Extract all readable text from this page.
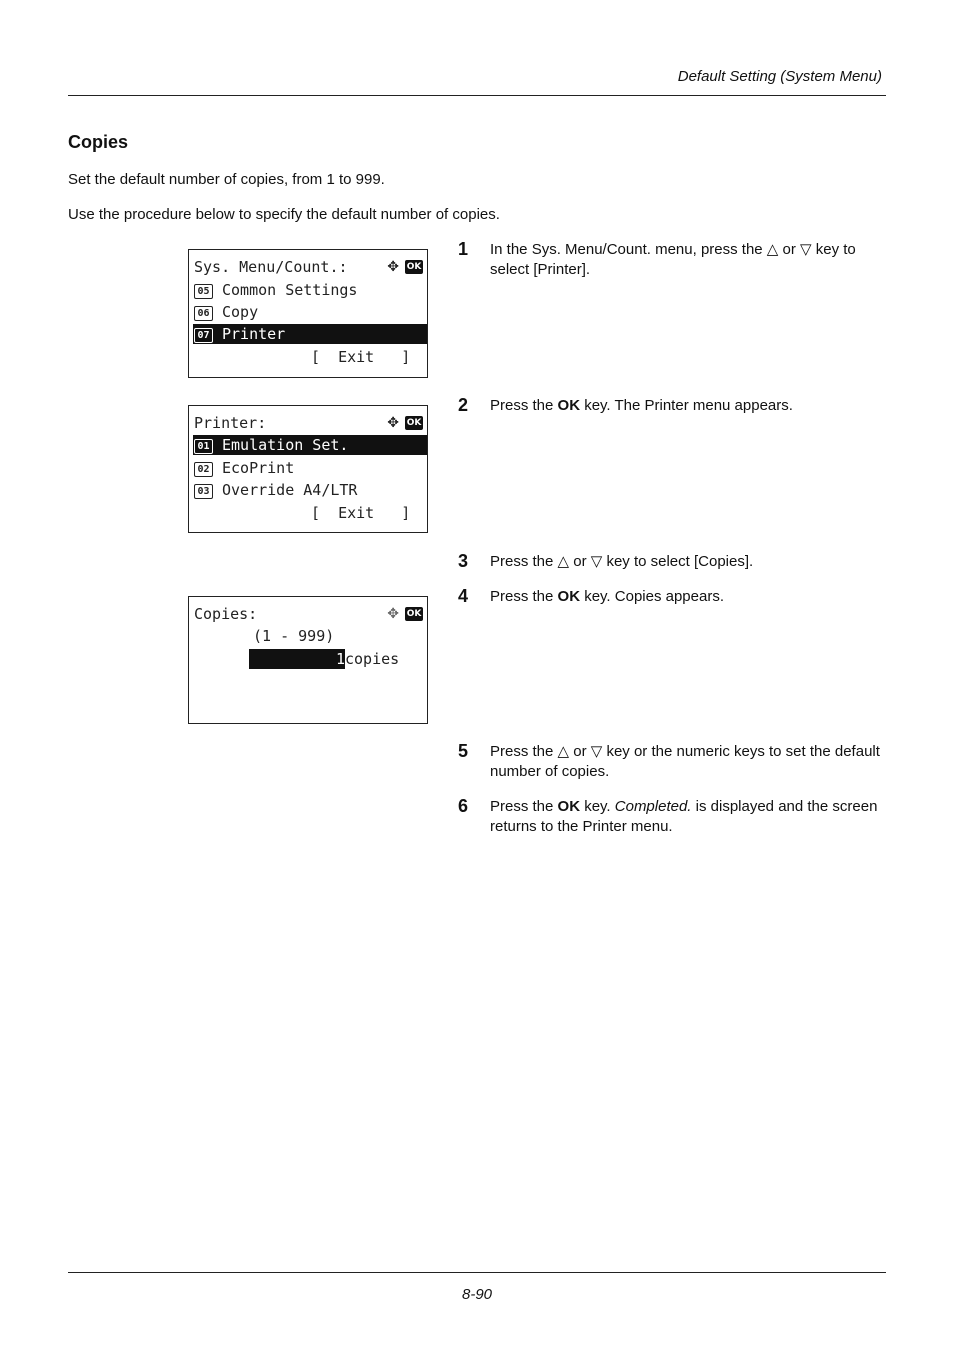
Default Setting (System Menu)
Copies
Set the default number of copies, from 1 to 999.
Use the procedure below to specify the default number of copies.
Sys. Menu/Count.:	✥ OK
05 Common Settings
06 Copy
07 Printer
[  Exit   ]
Printer:	✥ OK
01 Emulation Set.
02 EcoPrint
03 Override A4/LTR
[  Exit   ]
Copies:	✥ OK
(1 - 999)
1copies
1 In the Sys. Menu/Count. menu, press the △ or ▽ key to select [Printer].
2 Press the OK key. The Printer menu appears.
3 Press the △ or ▽ key to select [Copies].
4 Press the OK key. Copies appears.
5 Press the △ or ▽ key or the numeric keys to set the default number of copies.
6 Press the OK key. Completed. is displayed and the screen returns to the Printer menu.
8-90
